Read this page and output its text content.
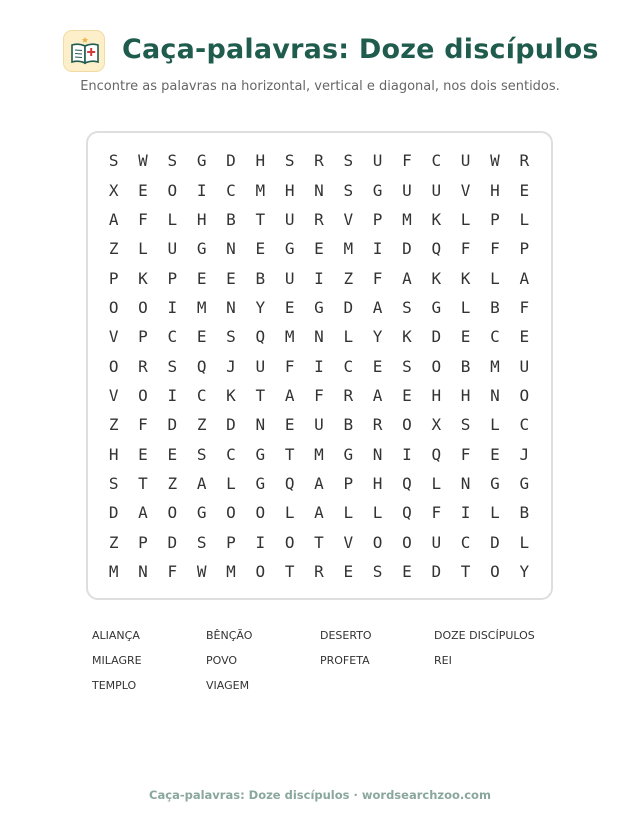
Caça-palavras: Doze discípulos
Encontre as palavras na horizontal, vertical e diagonal, nos dois sentidos.
S	W	S	G	D	H	S	R	S	U	F	C	U	W	R
X	E	O	I	C	M	H	N	S	G	U	U	V	H	E
A	F	L	H	B	T	U	R	V	P	M	K	L	P	L
Z	L	U	G	N	E	G	E	M	I	D	Q	F	F	P
P	K	P	E	E	B	U	I	Z	F	A	K	K	L	A
O	O	I	M	N	Y	E	G	D	A	S	G	L	B	F
V	P	C	E	S	Q	M	N	L	Y	K	D	E	C	E
O	R	S	Q	J	U	F	I	C	E	S	O	B	M	U
V	O	I	C	K	T	A	F	R	A	E	H	H	N	O
Z	F	D	Z	D	N	E	U	B	R	O	X	S	L	C
H	E	E	S	C	G	T	M	G	N	I	Q	F	E	J
S	T	Z	A	L	G	Q	A	P	H	Q	L	N	G	G
D	A	O	G	O	O	L	A	L	L	Q	F	I	L	B
Z	P	D	S	P	I	O	T	V	O	O	U	C	D	L
M	N	F	W	M	O	T	R	E	S	E	D	T	O	Y
ALIANÇA	BÊNÇÃO	DESERTO	DOZE DISCÍPULOS
MILAGRE	POVO	PROFETA	REI
TEMPLO	VIAGEM
Caça-palavras: Doze discípulos · wordsearchzoo.com
